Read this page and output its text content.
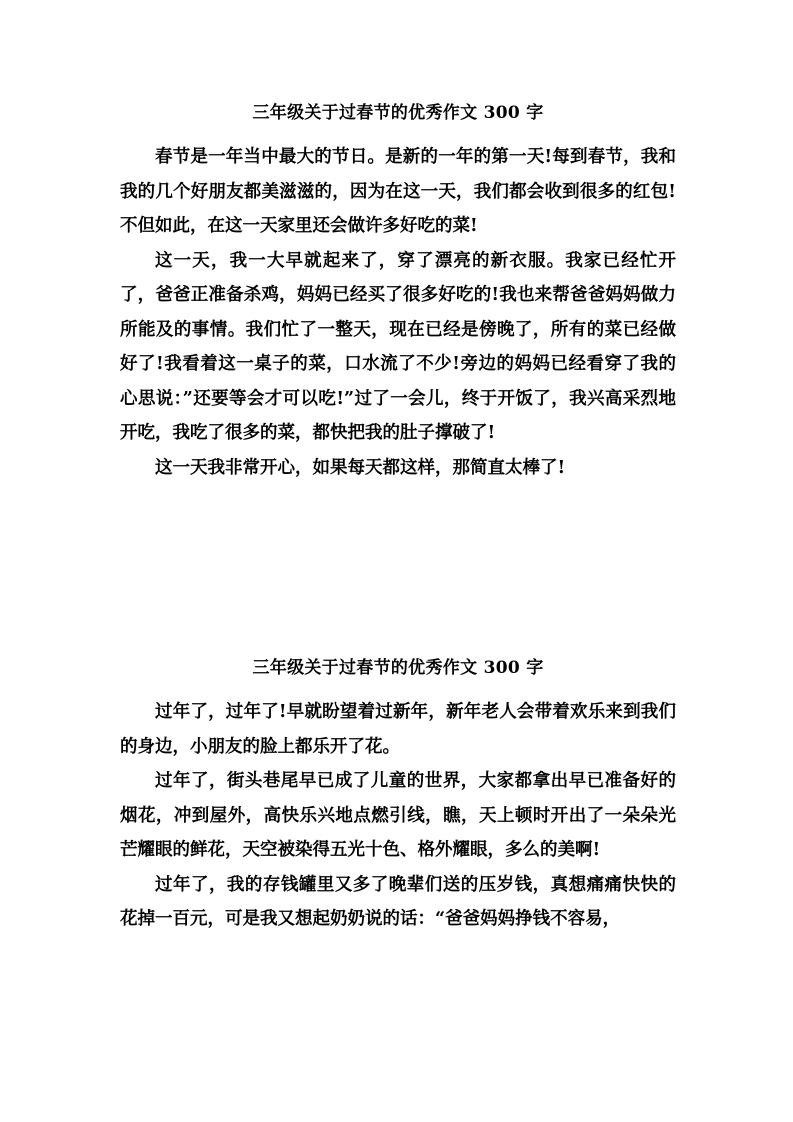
三年级关于过春节的优秀作文 300 字

春节是一年当中最大的节日。是新的一年的第一天!每到春节，我和我的几个好朋友都美滋滋的，因为在这一天，我们都会收到很多的红包!不但如此，在这一天家里还会做许多好吃的菜!

这一天，我一大早就起来了，穿了漂亮的新衣服。我家已经忙开了，爸爸正准备杀鸡，妈妈已经买了很多好吃的!我也来帮爸爸妈妈做力所能及的事情。我们忙了一整天，现在已经是傍晚了，所有的菜已经做好了!我看着这一桌子的菜，口水流了不少!旁边的妈妈已经看穿了我的心思说：”还要等会才可以吃!”过了一会儿，终于开饭了，我兴高采烈地开吃，我吃了很多的菜，都快把我的肚子撑破了!

这一天我非常开心，如果每天都这样，那简直太棒了!

三年级关于过春节的优秀作文 300 字

过年了，过年了!早就盼望着过新年，新年老人会带着欢乐来到我们的身边，小朋友的脸上都乐开了花。

过年了，街头巷尾早已成了儿童的世界，大家都拿出早已准备好的烟花，冲到屋外，高快乐兴地点燃引线，瞧，天上顿时开出了一朵朵光芒耀眼的鲜花，天空被染得五光十色、格外耀眼，多么的美啊!

过年了，我的存钱罐里又多了晚辈们送的压岁钱，真想痛痛快快的花掉一百元，可是我又想起奶奶说的话：“爸爸妈妈挣钱不容易，
